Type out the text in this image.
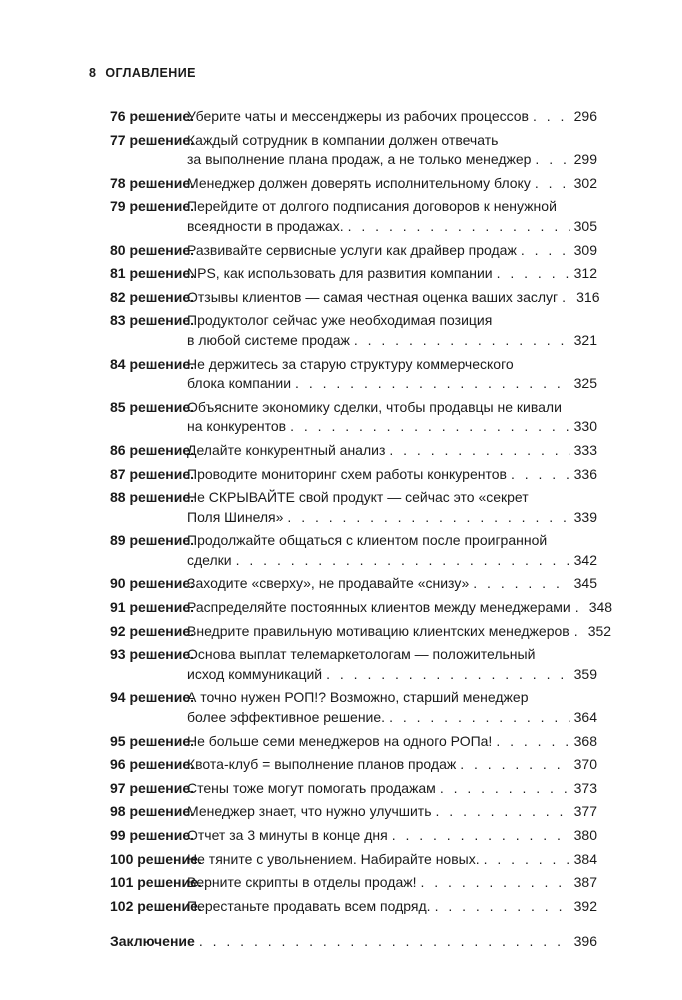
8 ОГЛАВЛЕНИЕ
76 решение.
Уберите чаты и мессенджеры из рабочих процессов . . .	296
77 решение.
Каждый сотрудник в компании должен отвечать
за выполнение плана продаж, а не только менеджер . . .	299
78 решение.
Менеджер должен доверять исполнительному блоку . . .	302
79 решение.
Перейдите от долгого подписания договоров к ненужной
всеядности в продажах. . . .	305
80 решение.
Развивайте сервисные услуги как драйвер продаж . . .	309
81 решение.
NPS, как использовать для развития компании . . .	312
82 решение.
Отзывы клиентов — самая честная оценка ваших заслуг . . . 316
83 решение.
Продуктолог сейчас уже необходимая позиция
в любой системе продаж . . .	321
84 решение.
Не держитесь за старую структуру коммерческого
блока компании . . .	325
85 решение.
Объясните экономику сделки, чтобы продавцы не кивали
на конкурентов . . .	330
86 решение.
Делайте конкурентный анализ . . .	333
87 решение.
Проводите мониторинг схем работы конкурентов . . .	336
88 решение.
Не СКРЫВАЙТЕ свой продукт — сейчас это «секрет
Поля Шинеля» . . .	339
89 решение.
Продолжайте общаться с клиентом после проигранной
сделки . . .	342
90 решение.
Заходите «сверху», не продавайте «снизу» . . .	345
91 решение.
Распределяйте постоянных клиентов между менеджерами . . . 348
92 решение.
Внедрите правильную мотивацию клиентских менеджеров . . . 352
93 решение.
Основа выплат телемаркетологам — положительный
исход коммуникаций . . .	359
94 решение.
А точно нужен РОП!? Возможно, старший менеджер
более эффективное решение. . . .	364
95 решение.
Не больше семи менеджеров на одного РОПа! . . .	368
96 решение.
Квота-клуб = выполнение планов продаж . . .	370
97 решение.
Стены тоже могут помогать продажам . . .	373
98 решение.
Менеджер знает, что нужно улучшить . . .	377
99 решение.
Отчет за 3 минуты в конце дня . . .	380
100 решение.
Не тяните с увольнением. Набирайте новых. . . .	384
101 решение.
Верните скрипты в отделы продаж! . . .	387
102 решение.
Перестаньте продавать всем подряд. . . .	392
Заключение . . .	396
